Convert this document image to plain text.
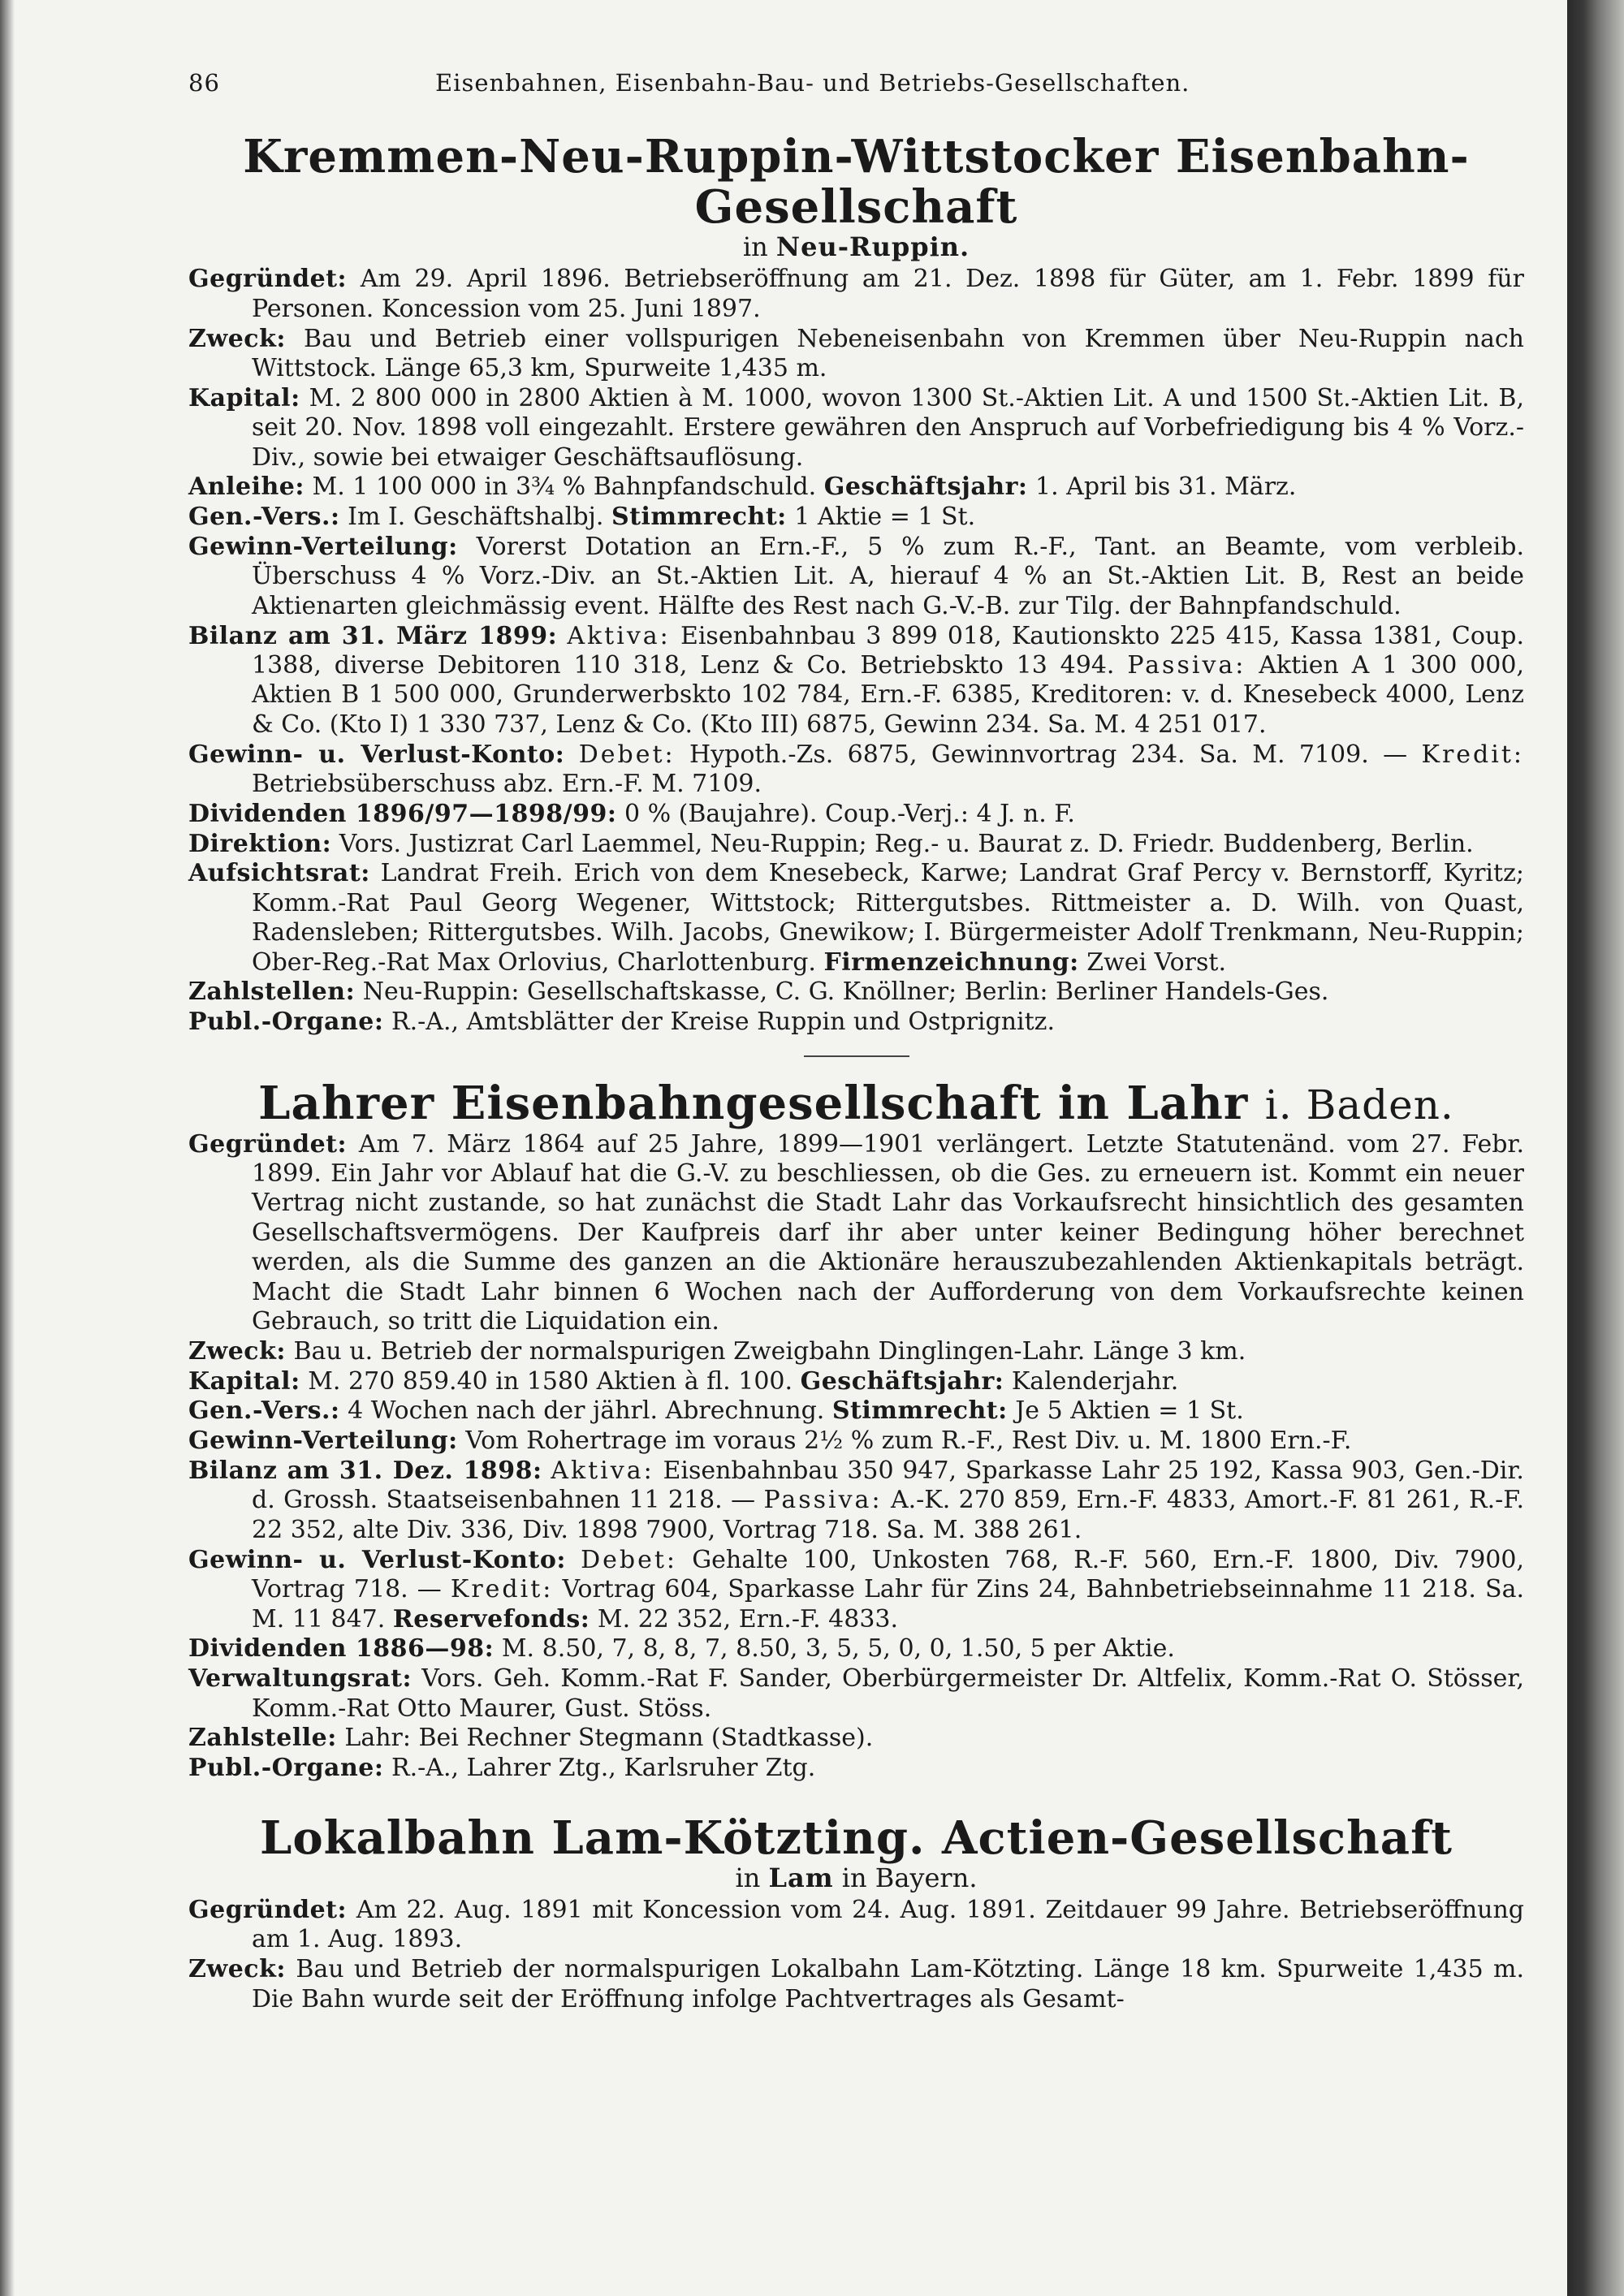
86	Eisenbahnen, Eisenbahn-Bau- und Betriebs-Gesellschaften.
Kremmen-Neu-Ruppin-Wittstocker Eisenbahn-Gesellschaft

in Neu-Ruppin.

Gegründet: Am 29. April 1896. Betriebseröffnung am 21. Dez. 1898 für Güter, am 1. Febr. 1899 für Personen. Koncession vom 25. Juni 1897.

Zweck: Bau und Betrieb einer vollspurigen Nebeneisenbahn von Kremmen über Neu-Ruppin nach Wittstock. Länge 65,3 km, Spurweite 1,435 m.

Kapital: M. 2 800 000 in 2800 Aktien à M. 1000, wovon 1300 St.-Aktien Lit. A und 1500 St.-Aktien Lit. B, seit 20. Nov. 1898 voll eingezahlt. Erstere gewähren den Anspruch auf Vorbefriedigung bis 4 % Vorz.-Div., sowie bei etwaiger Geschäftsauflösung.

Anleihe: M. 1 100 000 in 3¾ % Bahnpfandschuld. Geschäftsjahr: 1. April bis 31. März.

Gen.-Vers.: Im I. Geschäftshalbj. Stimmrecht: 1 Aktie = 1 St.

Gewinn-Verteilung: Vorerst Dotation an Ern.-F., 5 % zum R.-F., Tant. an Beamte, vom verbleib. Überschuss 4 % Vorz.-Div. an St.-Aktien Lit. A, hierauf 4 % an St.-Aktien Lit. B, Rest an beide Aktienarten gleichmässig event. Hälfte des Rest nach G.-V.-B. zur Tilg. der Bahnpfandschuld.

Bilanz am 31. März 1899: Aktiva: Eisenbahnbau 3 899 018, Kautionskto 225 415, Kassa 1381, Coup. 1388, diverse Debitoren 110 318, Lenz & Co. Betriebskto 13 494. Passiva: Aktien A 1 300 000, Aktien B 1 500 000, Grunderwerbskto 102 784, Ern.-F. 6385, Kreditoren: v. d. Knesebeck 4000, Lenz & Co. (Kto I) 1 330 737, Lenz & Co. (Kto III) 6875, Gewinn 234. Sa. M. 4 251 017.

Gewinn- u. Verlust-Konto: Debet: Hypoth.-Zs. 6875, Gewinnvortrag 234. Sa. M. 7109. — Kredit: Betriebsüberschuss abz. Ern.-F. M. 7109.

Dividenden 1896/97—1898/99: 0 % (Baujahre). Coup.-Verj.: 4 J. n. F.

Direktion: Vors. Justizrat Carl Laemmel, Neu-Ruppin; Reg.- u. Baurat z. D. Friedr. Buddenberg, Berlin.

Aufsichtsrat: Landrat Freih. Erich von dem Knesebeck, Karwe; Landrat Graf Percy v. Bernstorff, Kyritz; Komm.-Rat Paul Georg Wegener, Wittstock; Rittergutsbes. Rittmeister a. D. Wilh. von Quast, Radensleben; Rittergutsbes. Wilh. Jacobs, Gnewikow; I. Bürgermeister Adolf Trenkmann, Neu-Ruppin; Ober-Reg.-Rat Max Orlovius, Charlottenburg. Firmenzeichnung: Zwei Vorst.

Zahlstellen: Neu-Ruppin: Gesellschaftskasse, C. G. Knöllner; Berlin: Berliner Handels-Ges.

Publ.-Organe: R.-A., Amtsblätter der Kreise Ruppin und Ostprignitz.

Lahrer Eisenbahngesellschaft in Lahr i. Baden.

Gegründet: Am 7. März 1864 auf 25 Jahre, 1899—1901 verlängert. Letzte Statutenänd. vom 27. Febr. 1899. Ein Jahr vor Ablauf hat die G.-V. zu beschliessen, ob die Ges. zu erneuern ist. Kommt ein neuer Vertrag nicht zustande, so hat zunächst die Stadt Lahr das Vorkaufsrecht hinsichtlich des gesamten Gesellschaftsvermögens. Der Kaufpreis darf ihr aber unter keiner Bedingung höher berechnet werden, als die Summe des ganzen an die Aktionäre herauszubezahlenden Aktienkapitals beträgt. Macht die Stadt Lahr binnen 6 Wochen nach der Aufforderung von dem Vorkaufsrechte keinen Gebrauch, so tritt die Liquidation ein.

Zweck: Bau u. Betrieb der normalspurigen Zweigbahn Dinglingen-Lahr. Länge 3 km.

Kapital: M. 270 859.40 in 1580 Aktien à fl. 100. Geschäftsjahr: Kalenderjahr.

Gen.-Vers.: 4 Wochen nach der jährl. Abrechnung. Stimmrecht: Je 5 Aktien = 1 St.

Gewinn-Verteilung: Vom Rohertrage im voraus 2½ % zum R.-F., Rest Div. u. M. 1800 Ern.-F.

Bilanz am 31. Dez. 1898: Aktiva: Eisenbahnbau 350 947, Sparkasse Lahr 25 192, Kassa 903, Gen.-Dir. d. Grossh. Staatseisenbahnen 11 218. — Passiva: A.-K. 270 859, Ern.-F. 4833, Amort.-F. 81 261, R.-F. 22 352, alte Div. 336, Div. 1898 7900, Vortrag 718. Sa. M. 388 261.

Gewinn- u. Verlust-Konto: Debet: Gehalte 100, Unkosten 768, R.-F. 560, Ern.-F. 1800, Div. 7900, Vortrag 718. — Kredit: Vortrag 604, Sparkasse Lahr für Zins 24, Bahnbetriebseinnahme 11 218. Sa. M. 11 847. Reservefonds: M. 22 352, Ern.-F. 4833.

Dividenden 1886—98: M. 8.50, 7, 8, 8, 7, 8.50, 3, 5, 5, 0, 0, 1.50, 5 per Aktie.

Verwaltungsrat: Vors. Geh. Komm.-Rat F. Sander, Oberbürgermeister Dr. Altfelix, Komm.-Rat O. Stösser, Komm.-Rat Otto Maurer, Gust. Stöss.

Zahlstelle: Lahr: Bei Rechner Stegmann (Stadtkasse).

Publ.-Organe: R.-A., Lahrer Ztg., Karlsruher Ztg.

Lokalbahn Lam-Kötzting. Actien-Gesellschaft

in Lam in Bayern.

Gegründet: Am 22. Aug. 1891 mit Koncession vom 24. Aug. 1891. Zeitdauer 99 Jahre. Betriebseröffnung am 1. Aug. 1893.

Zweck: Bau und Betrieb der normalspurigen Lokalbahn Lam-Kötzting. Länge 18 km. Spurweite 1,435 m. Die Bahn wurde seit der Eröffnung infolge Pachtvertrages als Gesamt-
